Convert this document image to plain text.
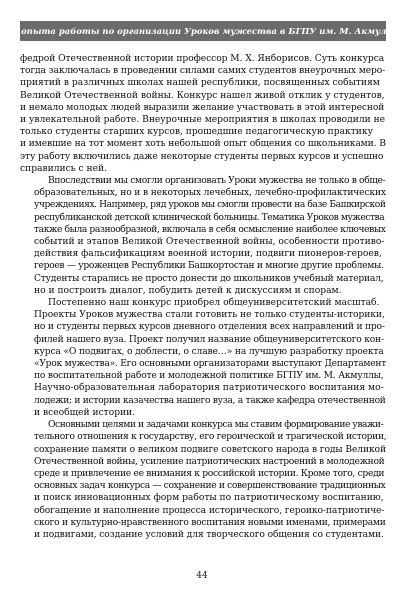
Из опыта работы по организации Уроков мужества в БГПУ им. М. Акмуллы

федрой Отечественной истории профессор М. Х. Янборисов. Суть конкурса
тогда заключалась в проведении силами самих студентов внеурочных меро-
приятий в различных школах нашей республики, посвященных событиям
Великой Отечественной войны. Конкурс нашел живой отклик у студентов,
и немало молодых людей выразили желание участвовать в этой интересной
и увлекательной работе. Внеурочные мероприятия в школах проводили не
только студенты старших курсов, прошедшие педагогическую практику
и имевшие на тот момент хоть небольшой опыт общения со школьниками. В
эту работу включились даже некоторые студенты первых курсов и успешно
справились с ней.

Впоследствии мы смогли организовать Уроки мужества не только в обще-
образовательных, но и в некоторых лечебных, лечебно-профилактических
учреждениях. Например, ряд уроков мы смогли провести на базе Башкирской
республиканской детской клинической больницы. Тематика Уроков мужества
также была разнообразной, включала в себя осмысление наиболее ключевых
событий и этапов Великой Отечественной войны, особенности противо-
действия фальсификациям военной истории, подвиги пионеров-героев,
героев — уроженцев Республики Башкортостан и многие другие проблемы.
Студенты старались не просто донести до школьников учебный материал,
но и построить диалог, побудить детей к дискуссиям и спорам.

Постепенно наш конкурс приобрел общеуниверситетский масштаб.
Проекты Уроков мужества стали готовить не только студенты-историки,
но и студенты первых курсов дневного отделения всех направлений и про-
филей нашего вуза. Проект получил название общеуниверситетского кон-
курса «О подвигах, о доблести, о славе…» на лучшую разработку проекта
«Урок мужества». Его основными организаторами выступают Департамент
по воспитательной работе и молодежной политике БГПУ им. М. Акмуллы,
Научно-образовательная лаборатория патриотического воспитания мо-
лодежи; и истории казачества нашего вуза, а также кафедра отечественной
и всеобщей истории.

Основными целями и задачами конкурса мы ставим формирование уважи-
тельного отношения к государству, его героической и трагической истории,
сохранение памяти о великом подвиге советского народа в годы Великой
Отечественной войны, усиление патриотических настроений в молодежной
среде и привлечение ее внимания к российской истории. Кроме того, среди
основных задач конкурса — сохранение и совершенствование традиционных
и поиск инновационных форм работы по патриотическому воспитанию,
обогащение и наполнение процесса исторического, героико-патриотиче-
ского и культурно-нравственного воспитания новыми именами, примерами
и подвигами, создание условий для творческого общения со студентами.

44
